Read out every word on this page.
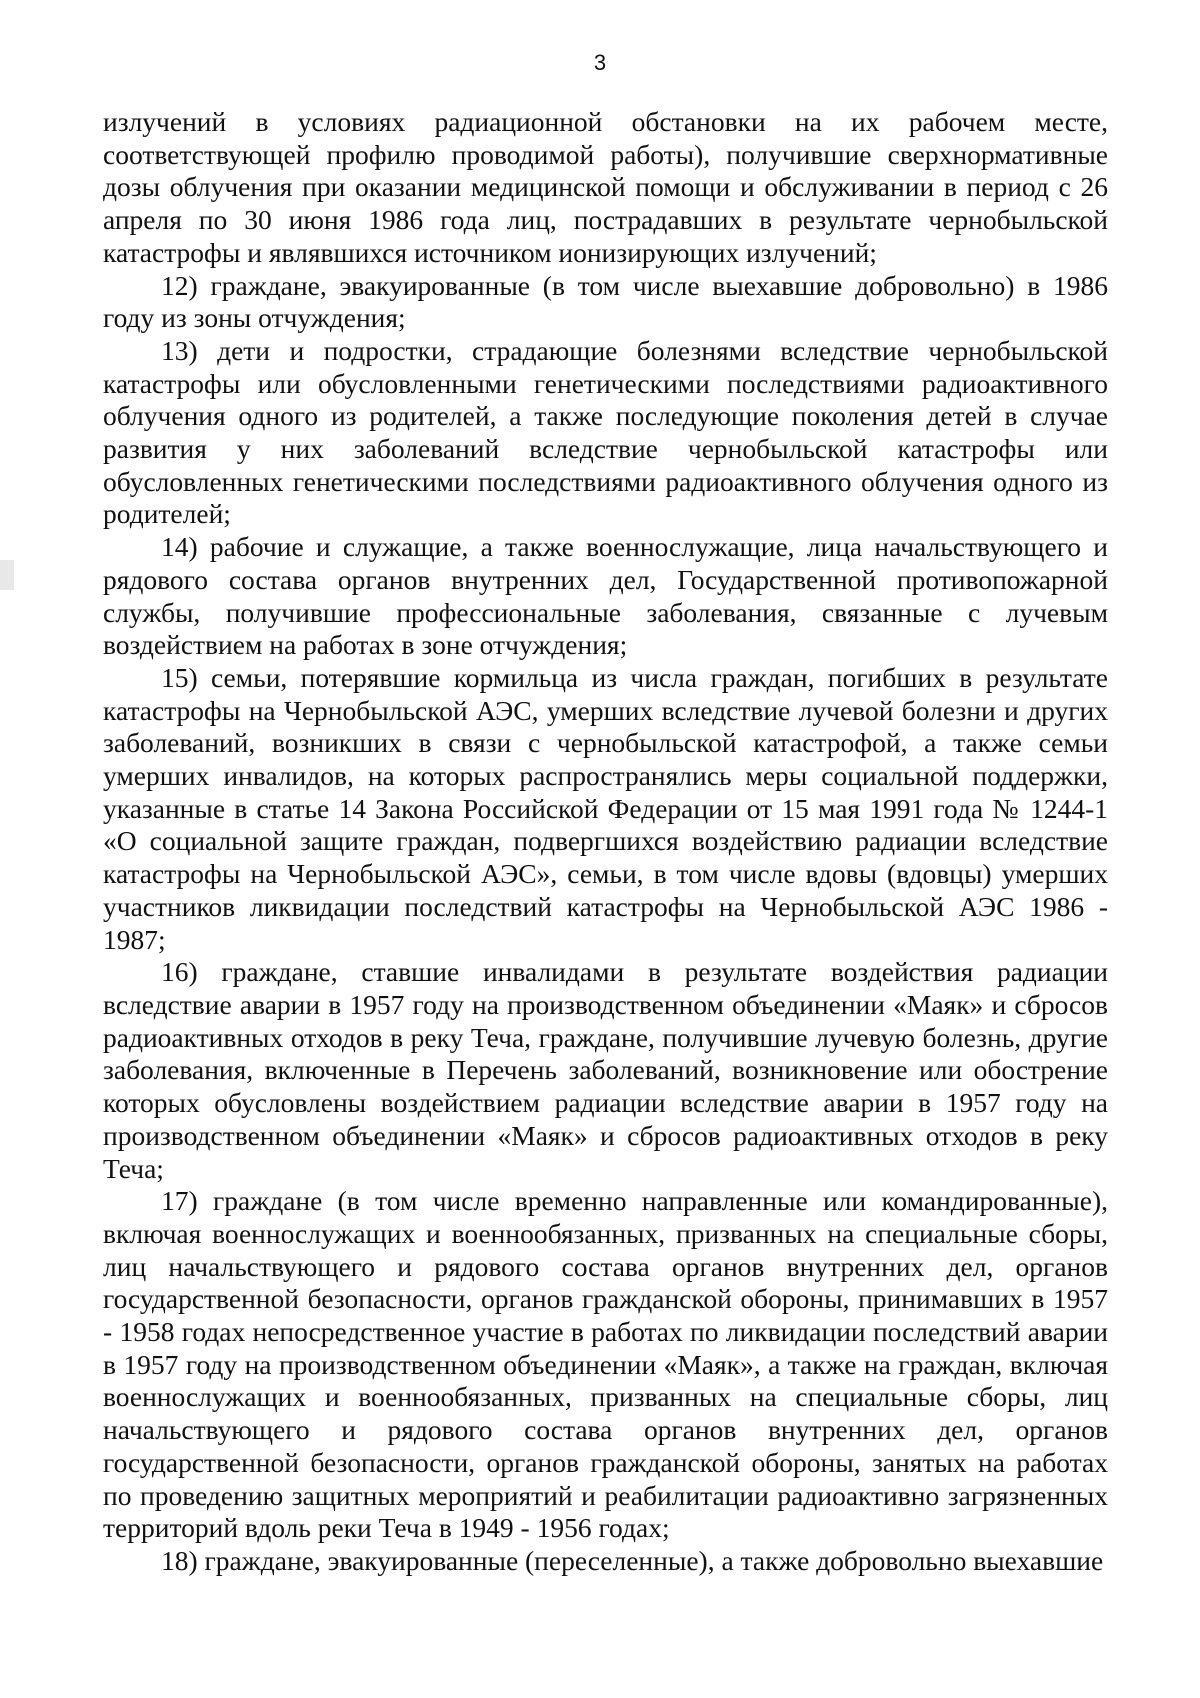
3

излучений в условиях радиационной обстановки на их рабочем месте, соответствующей профилю проводимой работы), получившие сверхнормативные дозы облучения при оказании медицинской помощи и обслуживании в период с 26 апреля по 30 июня 1986 года лиц, пострадавших в результате чернобыльской катастрофы и являвшихся источником ионизирующих излучений;

12) граждане, эвакуированные (в том числе выехавшие добровольно) в 1986 году из зоны отчуждения;

13) дети и подростки, страдающие болезнями вследствие чернобыльской катастрофы или обусловленными генетическими последствиями радиоактивного облучения одного из родителей, а также последующие поколения детей в случае развития у них заболеваний вследствие чернобыльской катастрофы или обусловленных генетическими последствиями радиоактивного облучения одного из родителей;

14) рабочие и служащие, а также военнослужащие, лица начальствующего и рядового состава органов внутренних дел, Государственной противопожарной службы, получившие профессиональные заболевания, связанные с лучевым воздействием на работах в зоне отчуждения;

15) семьи, потерявшие кормильца из числа граждан, погибших в результате катастрофы на Чернобыльской АЭС, умерших вследствие лучевой болезни и других заболеваний, возникших в связи с чернобыльской катастрофой, а также семьи умерших инвалидов, на которых распространялись меры социальной поддержки, указанные в статье 14 Закона Российской Федерации от 15 мая 1991 года № 1244-1 «О социальной защите граждан, подвергшихся воздействию радиации вследствие катастрофы на Чернобыльской АЭС», семьи, в том числе вдовы (вдовцы) умерших участников ликвидации последствий катастрофы на Чернобыльской АЭС 1986 - 1987;

16) граждане, ставшие инвалидами в результате воздействия радиации вследствие аварии в 1957 году на производственном объединении «Маяк» и сбросов радиоактивных отходов в реку Теча, граждане, получившие лучевую болезнь, другие заболевания, включенные в Перечень заболеваний, возникновение или обострение которых обусловлены воздействием радиации вследствие аварии в 1957 году на производственном объединении «Маяк» и сбросов радиоактивных отходов в реку Теча;

17) граждане (в том числе временно направленные или командированные), включая военнослужащих и военнообязанных, призванных на специальные сборы, лиц начальствующего и рядового состава органов внутренних дел, органов государственной безопасности, органов гражданской обороны, принимавших в 1957 - 1958 годах непосредственное участие в работах по ликвидации последствий аварии в 1957 году на производственном объединении «Маяк», а также на граждан, включая военнослужащих и военнообязанных, призванных на специальные сборы, лиц начальствующего и рядового состава органов внутренних дел, органов государственной безопасности, органов гражданской обороны, занятых на работах по проведению защитных мероприятий и реабилитации радиоактивно загрязненных территорий вдоль реки Теча в 1949 - 1956 годах;

18) граждане, эвакуированные (переселенные), а также добровольно выехавшие
